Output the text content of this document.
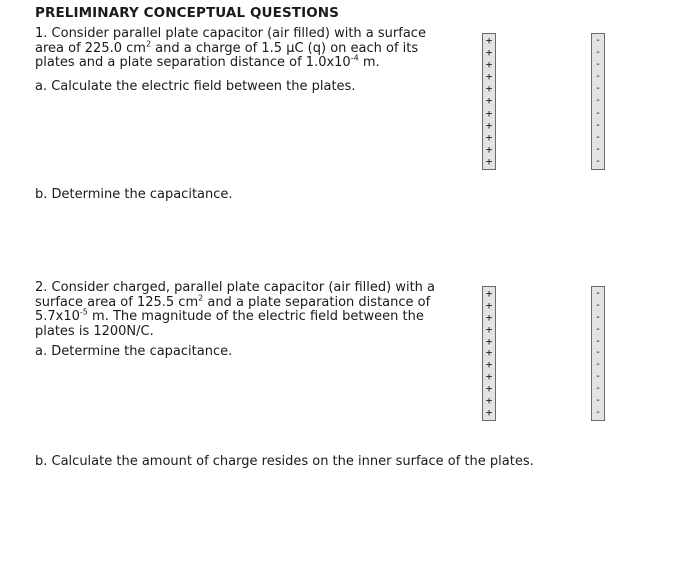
PRELIMINARY CONCEPTUAL QUESTIONS
1. Consider parallel plate capacitor (air filled) with a surface
area of 225.0 $cm^2$ and a charge of 1.5 µC (q) on each of its
plates and a plate separation distance of $1.0x10^{-4}$ m.
a. Calculate the electric field between the plates.
b. Determine the capacitance.
+
+
+
+
+
+
+
+
+
+
+
-
-
-
-
-
-
-
-
-
-
-
2. Consider charged, parallel plate capacitor (air filled) with a
surface area of 125.5 $cm^2$ and a plate separation distance of
$5.7x10^{-5}$ m. The magnitude of the electric field between the
plates is 1200N/C.
a. Determine the capacitance.
b. Calculate the amount of charge resides on the inner surface of the plates.
+
+
+
+
+
+
+
+
+
+
+
-
-
-
-
-
-
-
-
-
-
-
